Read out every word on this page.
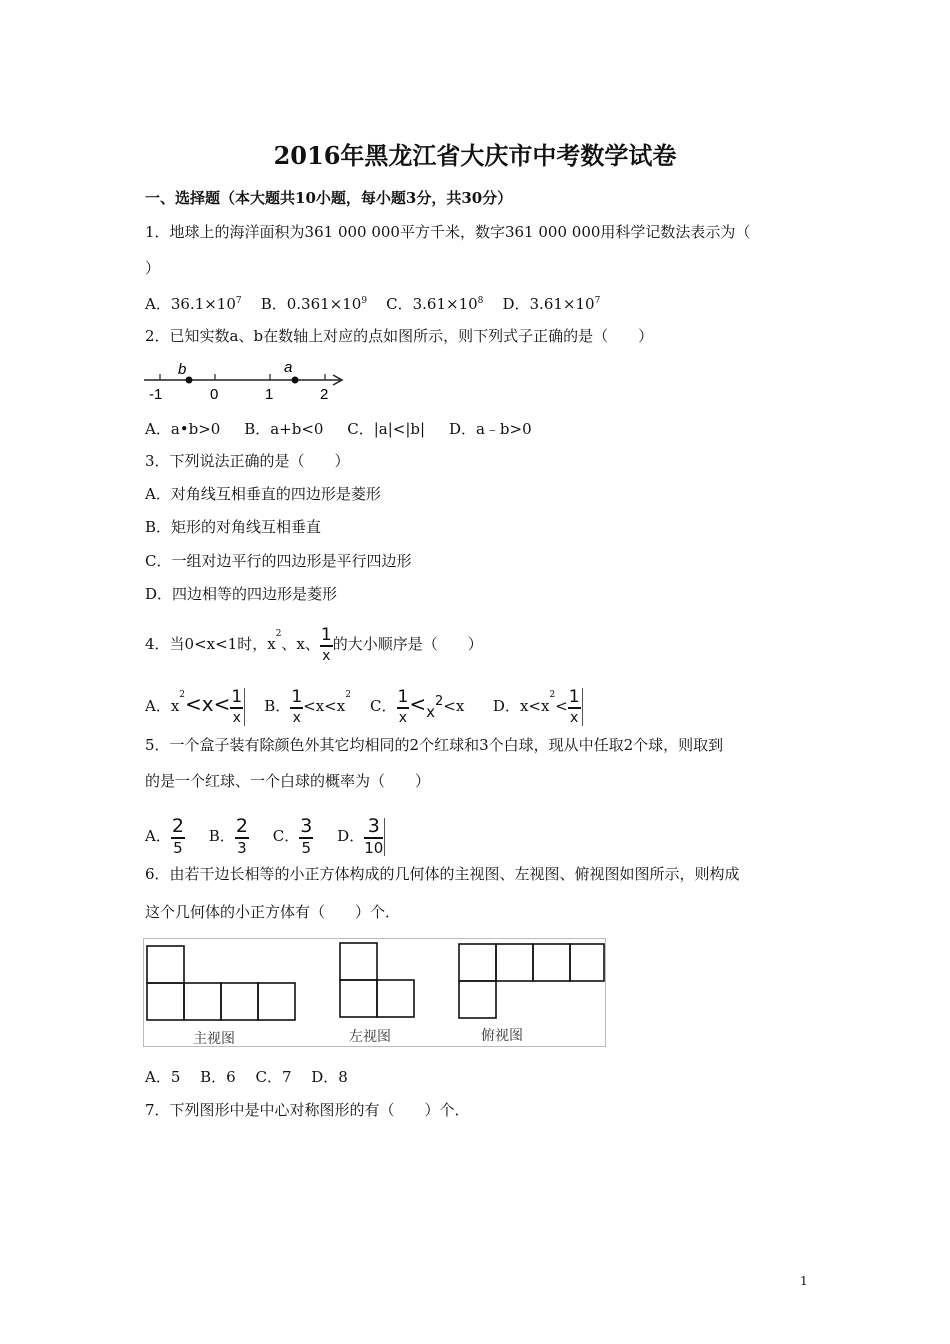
2016年黑龙江省大庆市中考数学试卷
一、选择题（本大题共10小题，每小题3分，共30分）
1．地球上的海洋面积为361 000 000平方千米，数字361 000 000用科学记数法表示为（
）
A．$36.1\times 10^7$ B．$0.361\times 10^9$ C．$3.61\times 10^8$ D．$3.61\times 10^7$
2．已知实数a、b在数轴上对应的点如图所示，则下列式子正确的是（　　）
b	a
-1	0	1	2
A．a•b>0 B．a+b<0 C．|a|<|b| D．a﹣b>0
3．下列说法正确的是（　　）
A．对角线互相垂直的四边形是菱形
B．矩形的对角线互相垂直
C．一组对边平行的四边形是平行四边形
D．四边相等的四边形是菱形
4．当0<x<1时，$x^2$、x、 $\frac{1}{x}$ 的大小顺序是（　　）
A．$x^2<x< \frac{1}{x}$ B． $\frac{1}{x} <x<x^2$    C． $\frac{1}{x} <x2<x$ D．$x<x^2< \frac{1}{x}$
5．一个盒子装有除颜色外其它均相同的2个红球和3个白球，现从中任取2个球，则取到
的是一个红球、一个白球的概率为（　　）
A． $\frac{2}{5}$ B． $\frac{2}{3}$ C． $\frac{3}{5}$ D． $\frac{3}{10}$
6．由若干边长相等的小正方体构成的几何体的主视图、左视图、俯视图如图所示，则构成
这个几何体的小正方体有（　　）个．
主视图	左视图	俯视图
A．5　 B．6　 C．7　 D．8
7．下列图形中是中心对称图形的有（　　）个．
1
